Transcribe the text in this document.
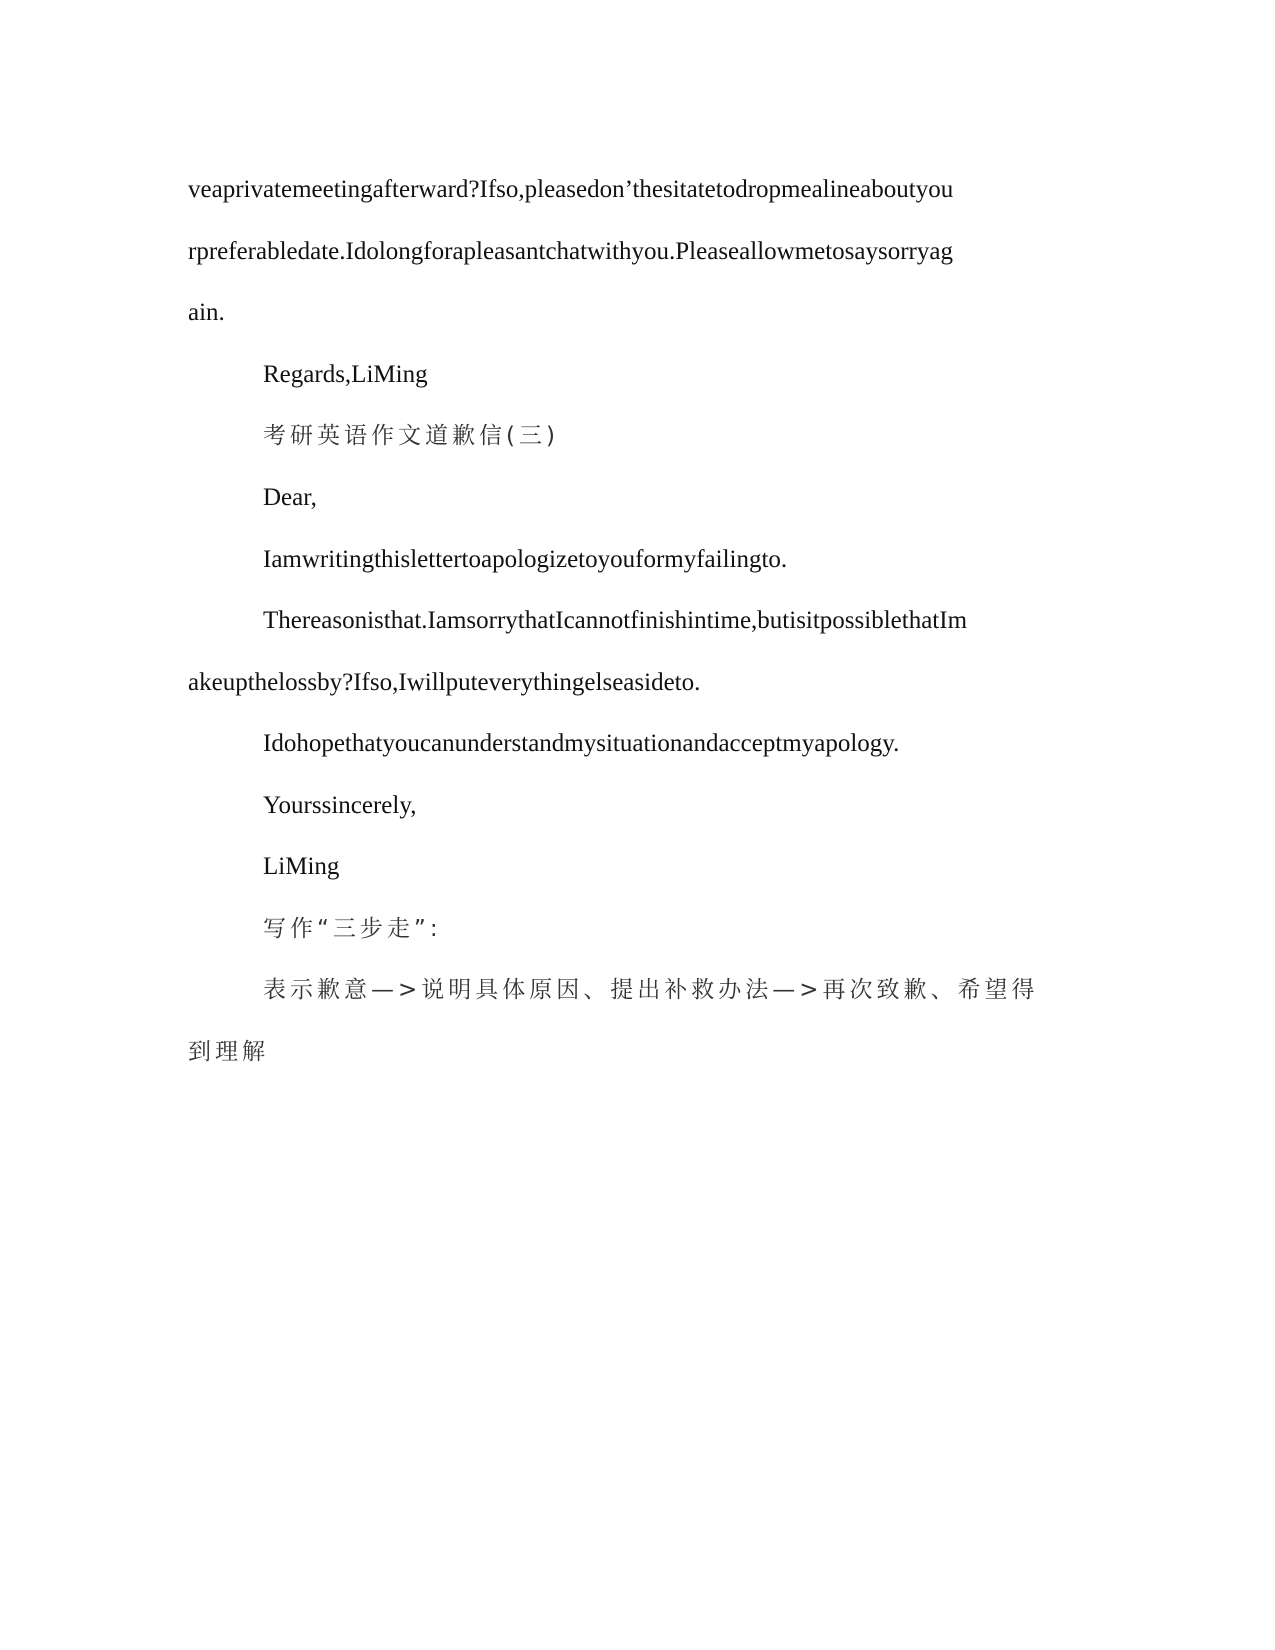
veaprivatemeetingafterward?Ifso,pleasedon’thesitatetodropmealineaboutyou
rpreferabledate.Idolongforapleasantchatwithyou.Pleaseallowmetosaysorryag
ain.
Regards,LiMing
考研英语作文道歉信(三)
Dear,
Iamwritingthislettertoapologizetoyouformyfailingto.
Thereasonisthat.IamsorrythatIcannotfinishintime,butisitpossiblethatIm
akeupthelossby?Ifso,Iwillputeverythingelseasideto.
Idohopethatyoucanunderstandmysituationandacceptmyapology.
Yourssincerely,
LiMing
写作“三步走”:
表示歉意—>说明具体原因、提出补救办法—>再次致歉、希望得
到理解
